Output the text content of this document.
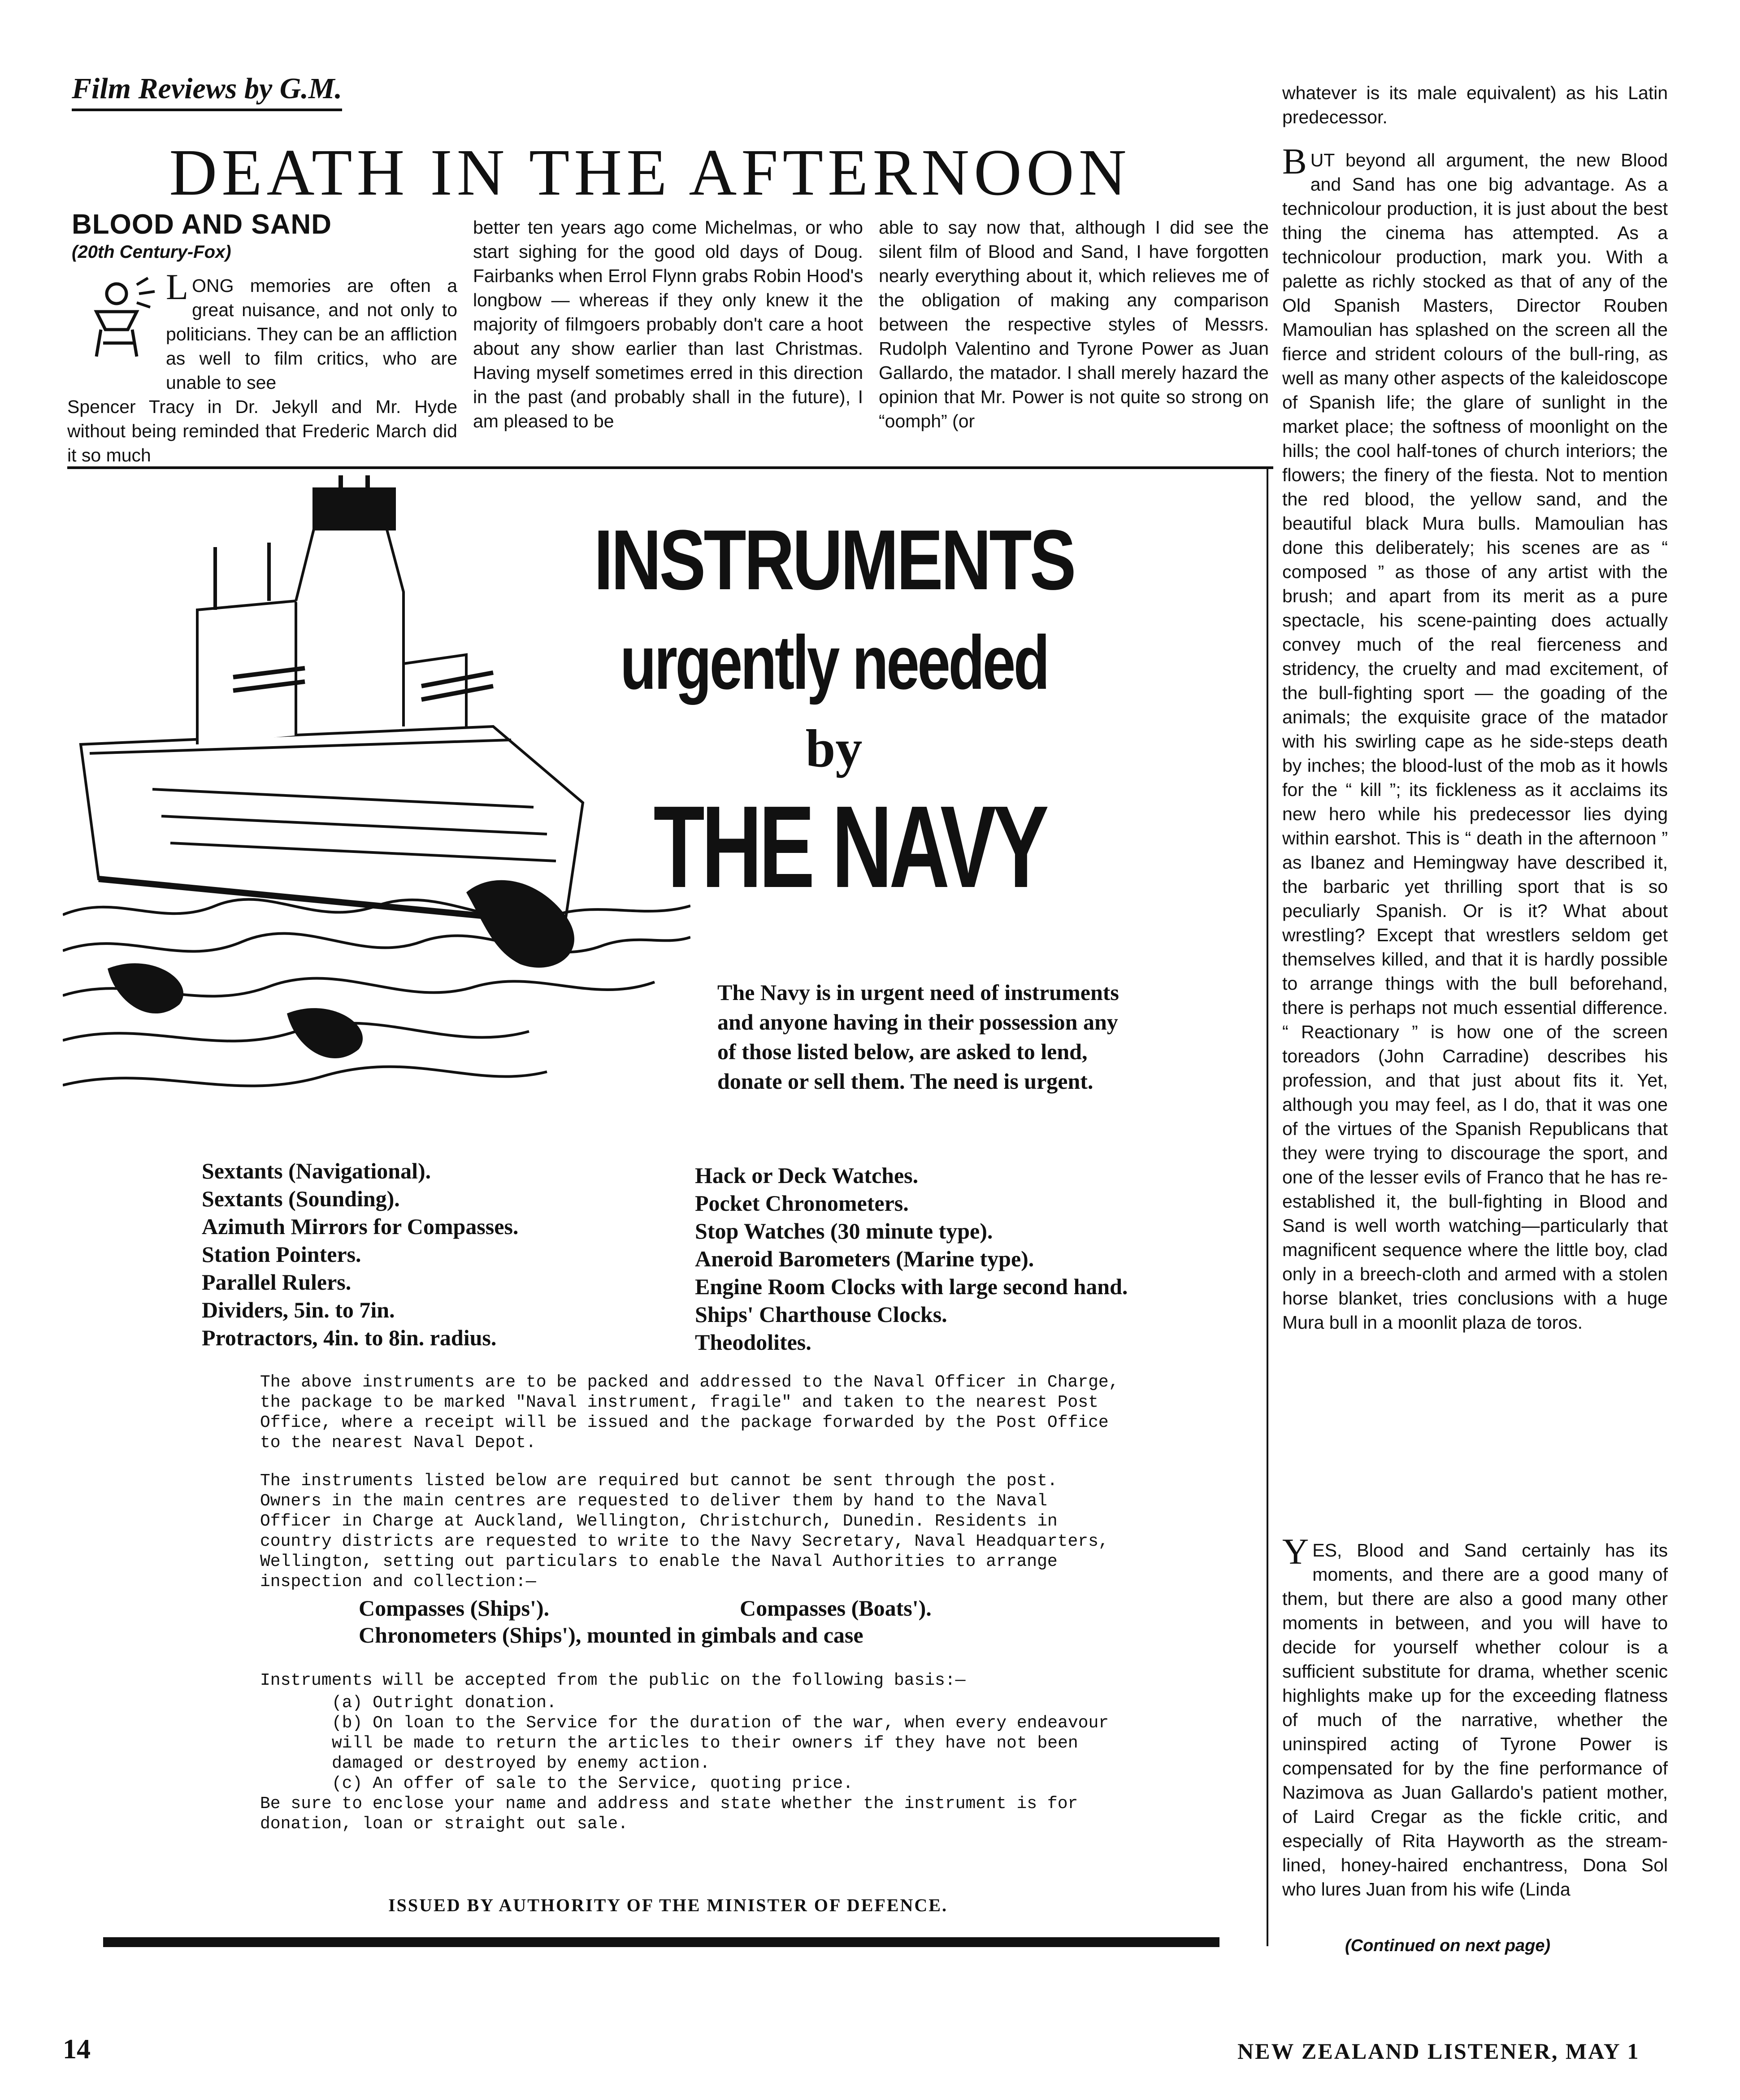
Film Reviews by G.M.
DEATH IN THE AFTERNOON
BLOOD AND SAND
(20th Century-Fox)
L ONG memories are often a great nuisance, and not only to politicians. They can be an affliction as well to film critics, who are unable to see
Spencer Tracy in Dr. Jekyll and Mr. Hyde without being reminded that Frederic March did it so much
better ten years ago come Michelmas, or who start sighing for the good old days of Doug. Fairbanks when Errol Flynn grabs Robin Hood's longbow — whereas if they only knew it the majority of filmgoers probably don't care a hoot about any show earlier than last Christmas. Having myself sometimes erred in this direction in the past (and probably shall in the future), I am pleased to be
able to say now that, although I did see the silent film of Blood and Sand, I have forgotten nearly everything about it, which relieves me of the obligation of making any comparison between the respective styles of Messrs. Rudolph Valentino and Tyrone Power as Juan Gallardo, the matador. I shall merely hazard the opinion that Mr. Power is not quite so strong on “oomph” (or
whatever is its male equivalent) as his Latin predecessor.
B UT beyond all argument, the new Blood and Sand has one big advantage. As a technicolour production, it is just about the best thing the cinema has attempted. As a technicolour production, mark you. With a palette as richly stocked as that of any of the Old Spanish Masters, Director Rouben Mamoulian has splashed on the screen all the fierce and strident colours of the bull-ring, as well as many other aspects of the kaleidoscope of Spanish life; the glare of sunlight in the market place; the softness of moonlight on the hills; the cool half-tones of church interiors; the flowers; the finery of the fiesta. Not to mention the red blood, the yellow sand, and the beautiful black Mura bulls. Mamoulian has done this deliberately; his scenes are as “ composed ” as those of any artist with the brush; and apart from its merit as a pure spectacle, his scene-painting does actually convey much of the real fierceness and stridency, the cruelty and mad excitement, of the bull-fighting sport — the goading of the animals; the exquisite grace of the matador with his swirling cape as he side-steps death by inches; the blood-lust of the mob as it howls for the “ kill ”; its fickleness as it acclaims its new hero while his predecessor lies dying within earshot. This is “ death in the afternoon ” as Ibanez and Hemingway have described it, the barbaric yet thrilling sport that is so peculiarly Spanish. Or is it? What about wrestling? Except that wrestlers seldom get themselves killed, and that it is hardly possible to arrange things with the bull beforehand, there is perhaps not much essential difference. “ Reactionary ” is how one of the screen toreadors (John Carradine) describes his profession, and that just about fits it. Yet, although you may feel, as I do, that it was one of the virtues of the Spanish Republicans that they were trying to discourage the sport, and one of the lesser evils of Franco that he has re-established it, the bull-fighting in Blood and Sand is well worth watching—particularly that magnificent sequence where the little boy, clad only in a breech-cloth and armed with a stolen horse blanket, tries conclusions with a huge Mura bull in a moonlit plaza de toros.
Y ES, Blood and Sand certainly has its moments, and there are a good many of them, but there are also a good many other moments in between, and you will have to decide for yourself whether colour is a sufficient substitute for drama, whether scenic highlights make up for the exceeding flatness of much of the narrative, whether the uninspired acting of Tyrone Power is compensated for by the fine performance of Nazimova as Juan Gallardo's patient mother, of Laird Cregar as the fickle critic, and especially of Rita Hayworth as the stream-lined, honey-haired enchantress, Dona Sol who lures Juan from his wife (Linda
INSTRUMENTS
urgently needed
by
THE NAVY
The Navy is in urgent need of instruments and anyone having in their possession any of those listed below, are asked to lend, donate or sell them. The need is urgent.
Sextants (Navigational).
Sextants (Sounding).
Azimuth Mirrors for Compasses.
Station Pointers.
Parallel Rulers.
Dividers, 5in. to 7in.
Protractors, 4in. to 8in. radius.
Hack or Deck Watches.
Pocket Chronometers.
Stop Watches (30 minute type).
Aneroid Barometers (Marine type).
Engine Room Clocks with large second hand.
Ships' Charthouse Clocks.
Theodolites.
The above instruments are to be packed and addressed to the Naval Officer in Charge, the package to be marked "Naval instrument, fragile" and taken to the nearest Post Office, where a receipt will be issued and the package forwarded by the Post Office to the nearest Naval Depot.
The instruments listed below are required but cannot be sent through the post. Owners in the main centres are requested to deliver them by hand to the Naval Officer in Charge at Auckland, Wellington, Christchurch, Dunedin. Residents in country districts are requested to write to the Navy Secretary, Naval Headquarters, Wellington, setting out particulars to enable the Naval Authorities to arrange inspection and collection:—
Compasses (Ships').	Compasses (Boats').
Chronometers (Ships'), mounted in gimbals and case
Instruments will be accepted from the public on the following basis:—
(a) Outright donation.
(b) On loan to the Service for the duration of the war, when every endeavour will be made to return the articles to their owners if they have not been damaged or destroyed by enemy action.
(c) An offer of sale to the Service, quoting price.
Be sure to enclose your name and address and state whether the instrument is for donation, loan or straight out sale.
ISSUED BY AUTHORITY OF THE MINISTER OF DEFENCE.
(Continued on next page)
14	NEW ZEALAND LISTENER, MAY 1
